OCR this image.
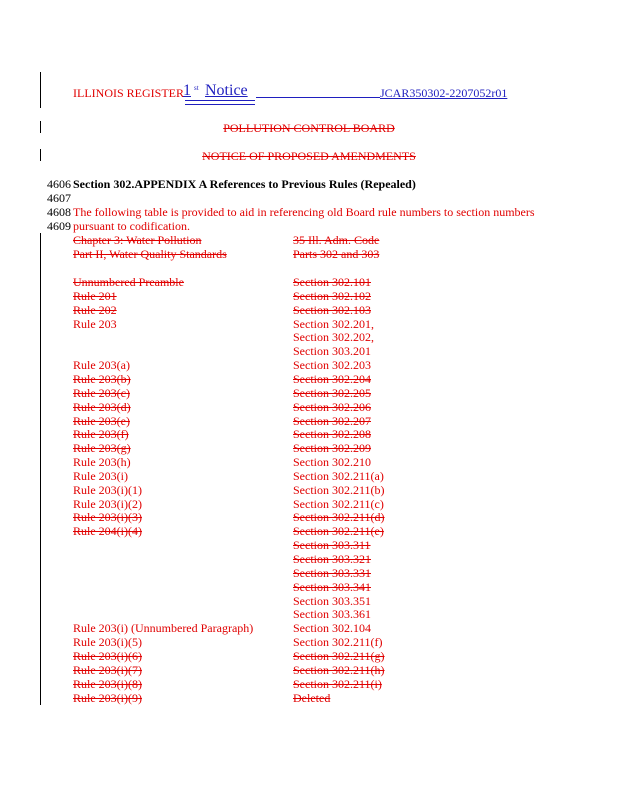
ILLINOIS REGISTER 1 st Notice	JCAR350302-2207052r01
POLLUTION CONTROL BOARD
NOTICE OF PROPOSED AMENDMENTS
4606
4607
4608
4609
Section 302.APPENDIX A References to Previous Rules (Repealed)
The following table is provided to aid in referencing old Board rule numbers to section numbers
pursuant to codification.
Chapter 3: Water Pollution	35 Ill. Adm. Code
Part II, Water Quality Standards	Parts 302 and 303
Unnumbered Preamble	Section 302.101
Rule 201	Section 302.102
Rule 202	Section 302.103
Rule 203	Section 302.201,
Section 302.202,
Section 303.201
Rule 203(a)	Section 302.203
Rule 203(b)	Section 302.204
Rule 203(c)	Section 302.205
Rule 203(d)	Section 302.206
Rule 203(e)	Section 302.207
Rule 203(f)	Section 302.208
Rule 203(g)	Section 302.209
Rule 203(h)	Section 302.210
Rule 203(i)	Section 302.211(a)
Rule 203(i)(1)	Section 302.211(b)
Rule 203(i)(2)	Section 302.211(c)
Rule 203(i)(3)	Section 302.211(d)
Rule 204(i)(4)	Section 302.211(e)
Section 303.311
Section 303.321
Section 303.331
Section 303.341
Section 303.351
Section 303.361
Rule 203(i) (Unnumbered Paragraph)	Section 302.104
Rule 203(i)(5)	Section 302.211(f)
Rule 203(i)(6)	Section 302.211(g)
Rule 203(i)(7)	Section 302.211(h)
Rule 203(i)(8)	Section 302.211(i)
Rule 203(i)(9)	Deleted
